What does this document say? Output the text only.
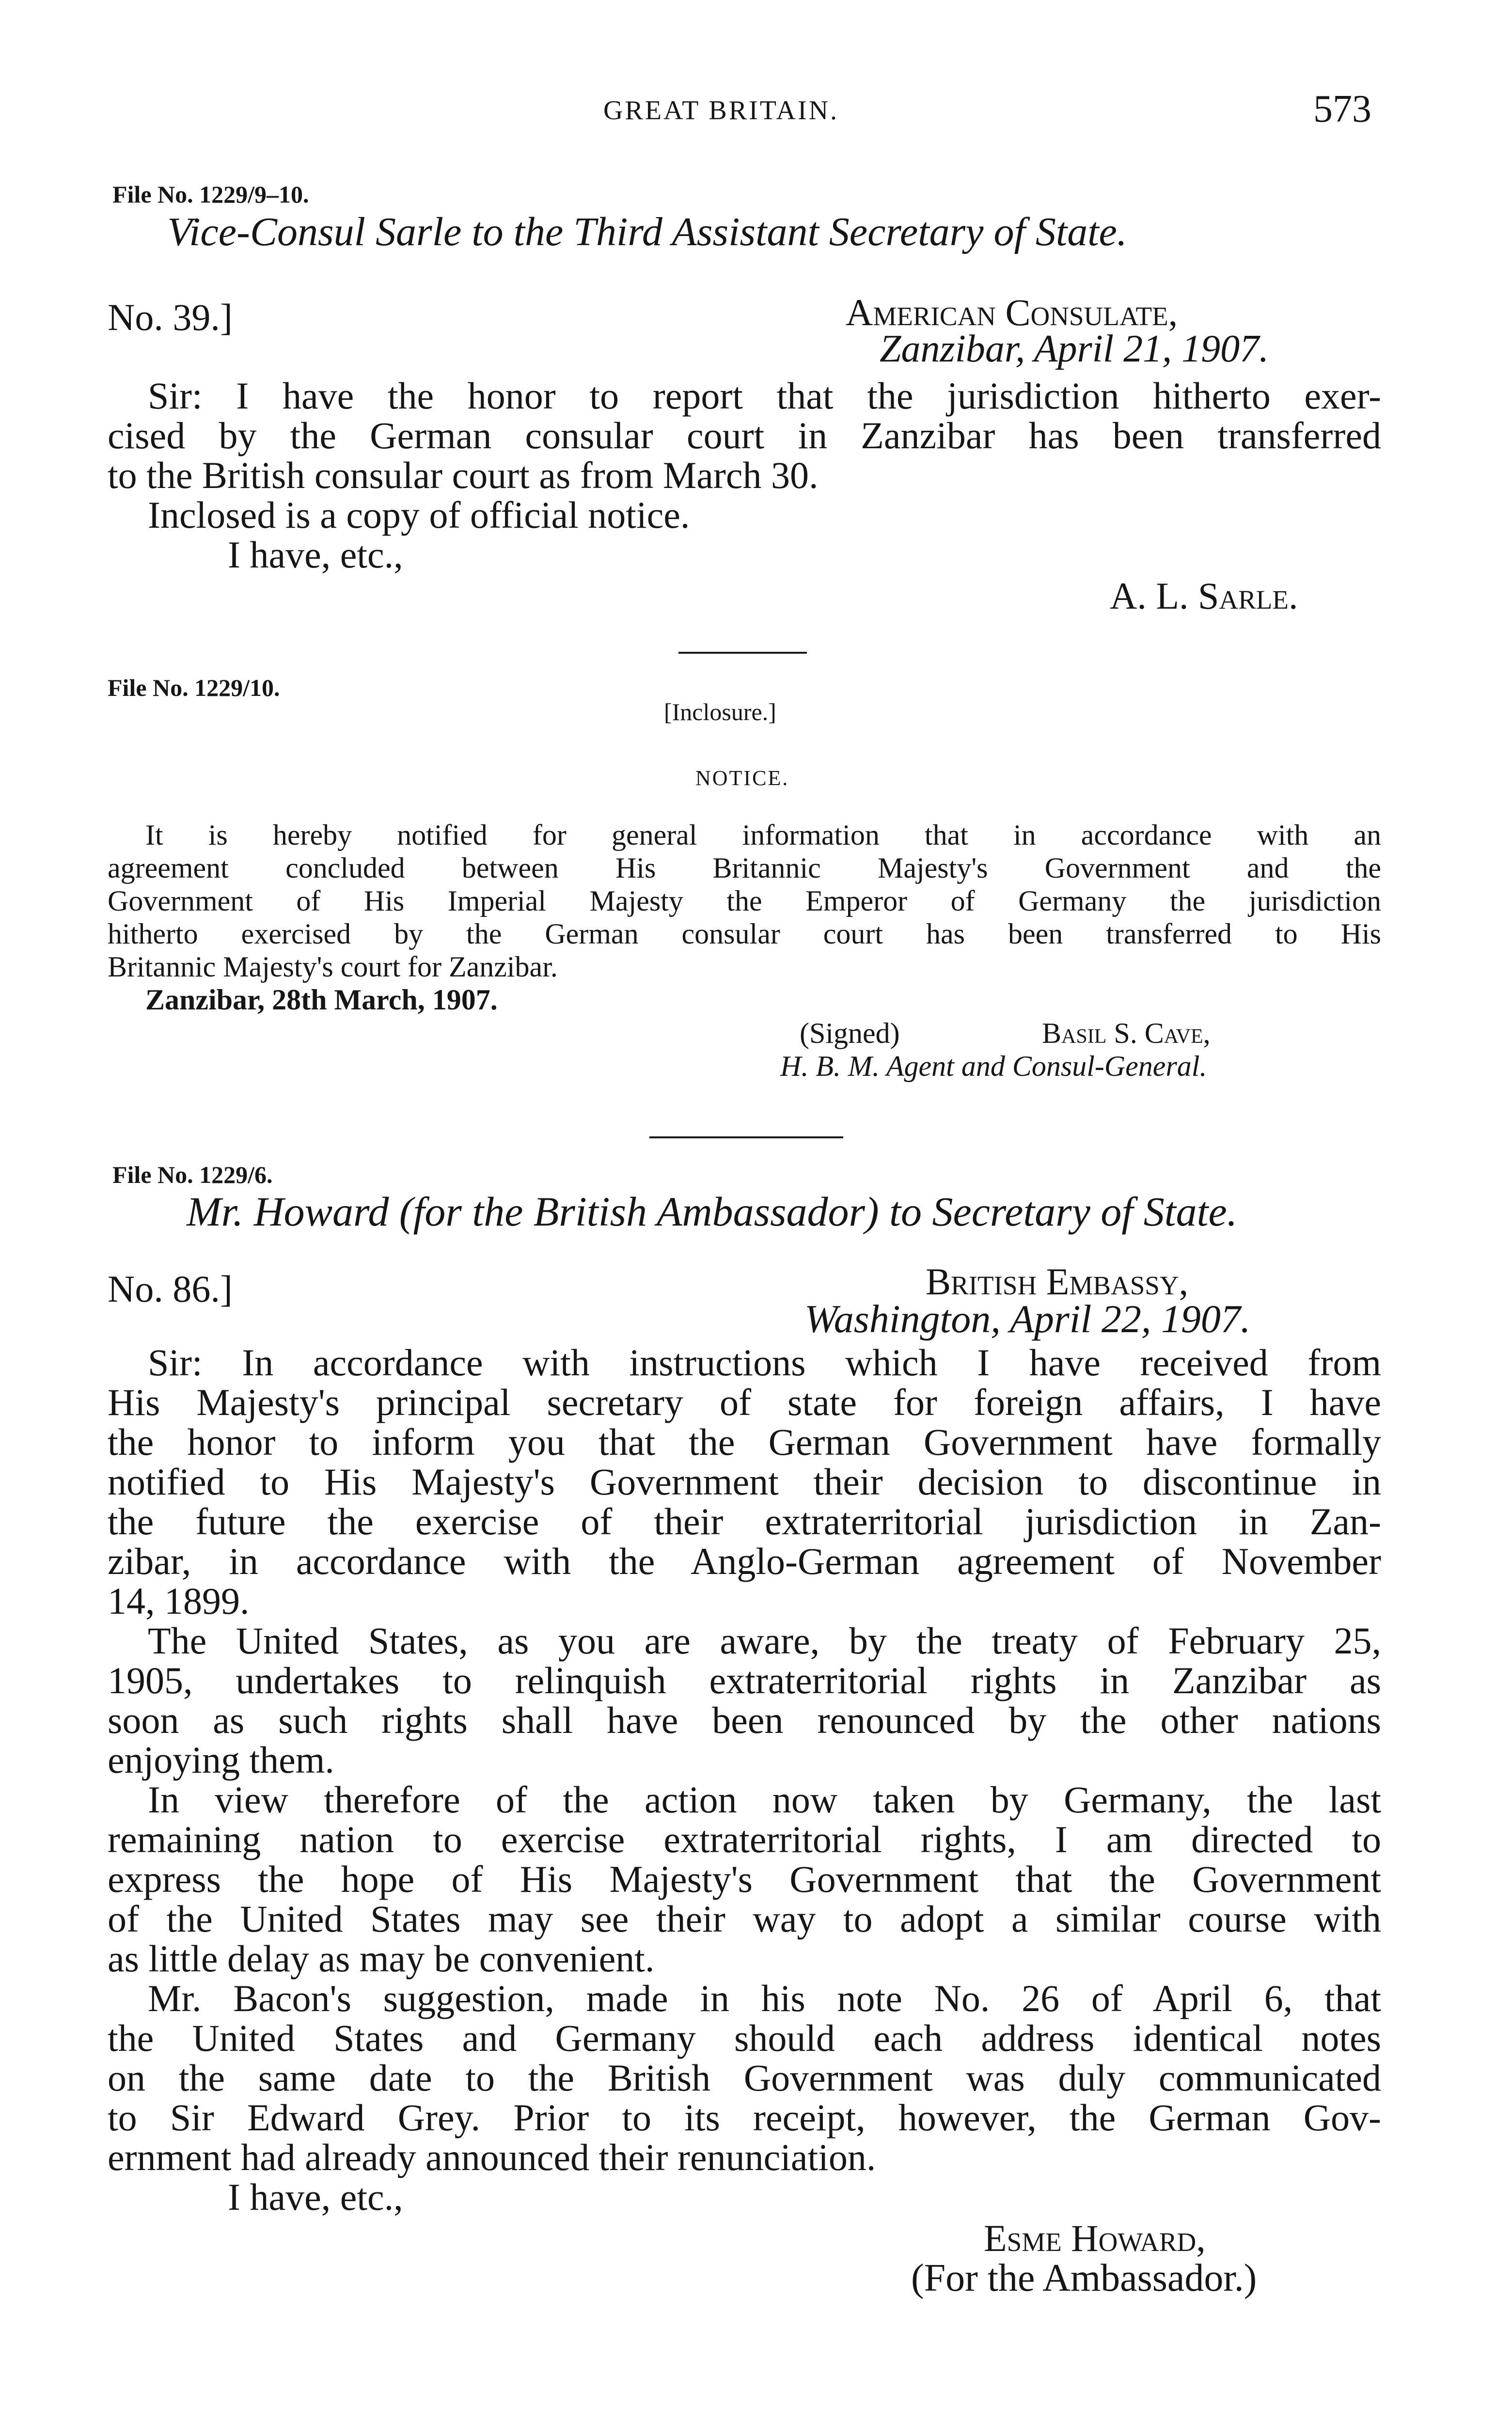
GREAT BRITAIN.	573
File No. 1229/9–10.
Vice-Consul Sarle to the Third Assistant Secretary of State.
No. 39.]	American Consulate,
Zanzibar, April 21, 1907.
Sir: I have the honor to report that the jurisdiction hitherto exer-
cised by the German consular court in Zanzibar has been transferred
to the British consular court as from March 30.
Inclosed is a copy of official notice.
I have, etc.,
A. L. Sarle.
File No. 1229/10.
[Inclosure.]
NOTICE.
It is hereby notified for general information that in accordance with an
agreement concluded between His Britannic Majesty's Government and the
Government of His Imperial Majesty the Emperor of Germany the jurisdiction
hitherto exercised by the German consular court has been transferred to His
Britannic Majesty's court for Zanzibar.
Zanzibar, 28th March, 1907.
(Signed)	Basil S. Cave,
H. B. M. Agent and Consul-General.
File No. 1229/6.
Mr. Howard (for the British Ambassador) to Secretary of State.
No. 86.]	British Embassy,
Washington, April 22, 1907.
Sir: In accordance with instructions which I have received from
His Majesty's principal secretary of state for foreign affairs, I have
the honor to inform you that the German Government have formally
notified to His Majesty's Government their decision to discontinue in
the future the exercise of their extraterritorial jurisdiction in Zan-
zibar, in accordance with the Anglo-German agreement of November
14, 1899.
The United States, as you are aware, by the treaty of February 25,
1905, undertakes to relinquish extraterritorial rights in Zanzibar as
soon as such rights shall have been renounced by the other nations
enjoying them.
In view therefore of the action now taken by Germany, the last
remaining nation to exercise extraterritorial rights, I am directed to
express the hope of His Majesty's Government that the Government
of the United States may see their way to adopt a similar course with
as little delay as may be convenient.
Mr. Bacon's suggestion, made in his note No. 26 of April 6, that
the United States and Germany should each address identical notes
on the same date to the British Government was duly communicated
to Sir Edward Grey. Prior to its receipt, however, the German Gov-
ernment had already announced their renunciation.
I have, etc.,
Esme Howard,
(For the Ambassador.)
